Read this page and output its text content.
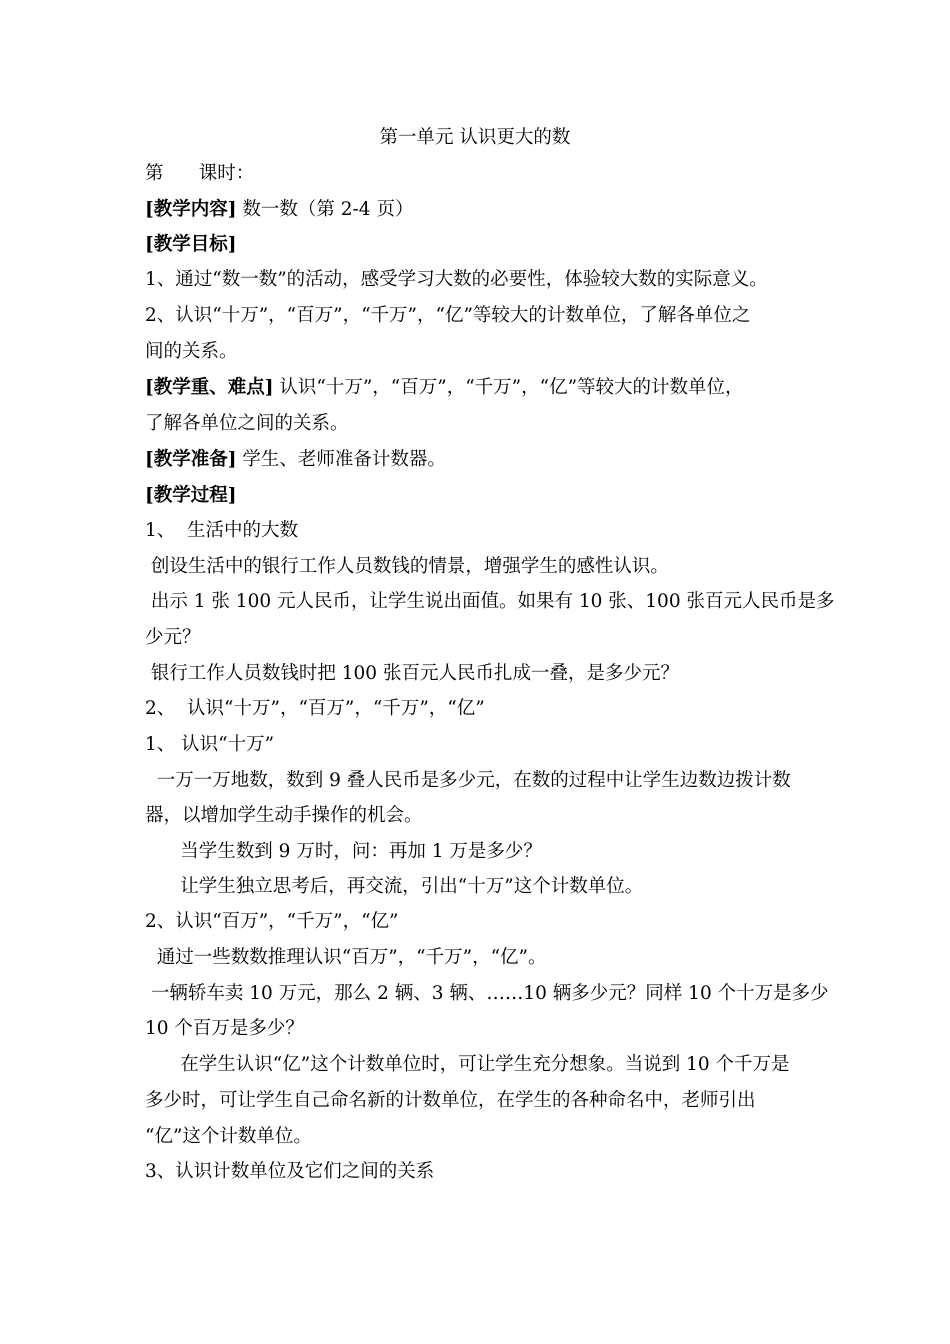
第一单元 认识更大的数
第      课时：
[教学内容] 数一数（第 2-4 页）
[教学目标]
1、通过“数一数”的活动，感受学习大数的必要性，体验较大数的实际意义。
2、认识“十万”，“百万”，“千万”，“亿”等较大的计数单位，了解各单位之
间的关系。
[教学重、难点] 认识“十万”，“百万”，“千万”，“亿”等较大的计数单位，
了解各单位之间的关系。
[教学准备] 学生、老师准备计数器。
[教学过程]
1、  生活中的大数
创设生活中的银行工作人员数钱的情景，增强学生的感性认识。
出示 1 张 100 元人民币，让学生说出面值。如果有 10 张、100 张百元人民币是多
少元？
银行工作人员数钱时把 100 张百元人民币扎成一叠，是多少元？
2、  认识“十万”，“百万”，“千万”，“亿”
1、 认识“十万”
一万一万地数，数到 9 叠人民币是多少元，在数的过程中让学生边数边拨计数
器，以增加学生动手操作的机会。
当学生数到 9 万时，问：再加 1 万是多少？
让学生独立思考后，再交流，引出“十万”这个计数单位。
2、认识“百万”，“千万”，“亿”
通过一些数数推理认识“百万”，“千万”，“亿”。
一辆轿车卖 10 万元，那么 2 辆、3 辆、……10 辆多少元？同样 10 个十万是多少
10 个百万是多少？
在学生认识“亿”这个计数单位时，可让学生充分想象。当说到 10 个千万是
多少时，可让学生自己命名新的计数单位，在学生的各种命名中，老师引出
“亿”这个计数单位。
3、认识计数单位及它们之间的关系
